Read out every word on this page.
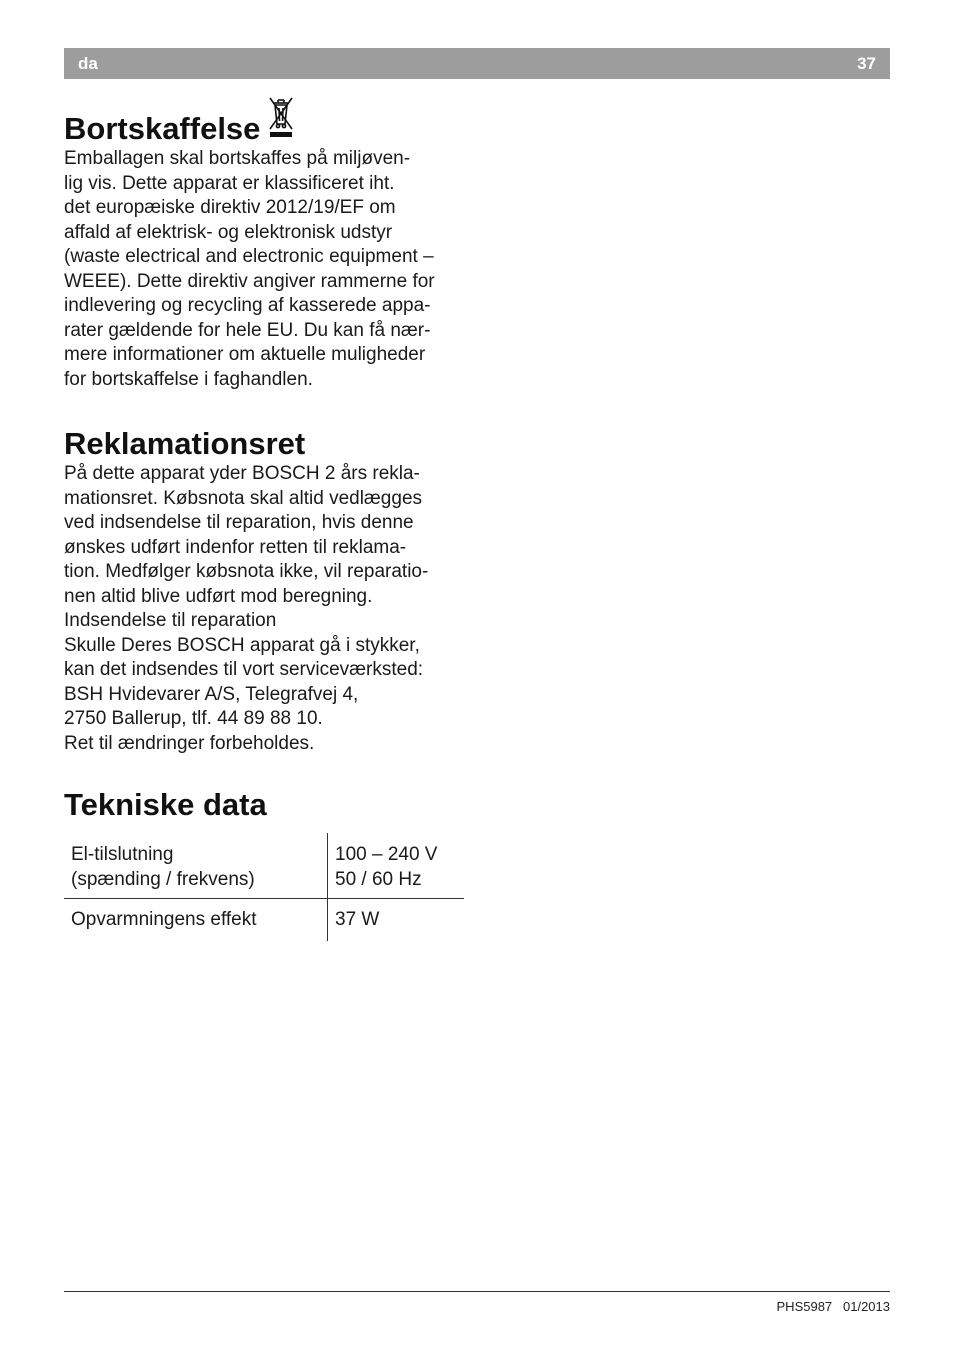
da	37
Bortskaffelse

Emballagen skal bortskaffes på miljøven-
lig vis. Dette apparat er klassificeret iht.
det europæiske direktiv 2012/19/EF om
affald af elektrisk- og elektronisk udstyr
(waste electrical and electronic equipment –
WEEE). Dette direktiv angiver rammerne for
indlevering og recycling af kasserede appa-
rater gældende for hele EU. Du kan få nær-
mere informationer om aktuelle muligheder
for bortskaffelse i faghandlen.

Reklamationsret

På dette apparat yder BOSCH 2 års rekla-
mationsret. Købsnota skal altid vedlægges
ved indsendelse til reparation, hvis denne
ønskes udført indenfor retten til reklama-
tion. Medfølger købsnota ikke, vil reparatio-
nen altid blive udført mod beregning.

Indsendelse til reparation
Skulle Deres BOSCH apparat gå i stykker,
kan det indsendes til vort serviceværksted:
BSH Hvidevarer A/S, Telegrafvej 4,
2750 Ballerup, tlf. 44 89 88 10.

Ret til ændringer forbeholdes.

Tekniske data

El-tilslutning
(spænding / frekvens)	100 – 240 V
50 / 60 Hz

Opvarmningens effekt	37 W
PHS5987   01/2013
